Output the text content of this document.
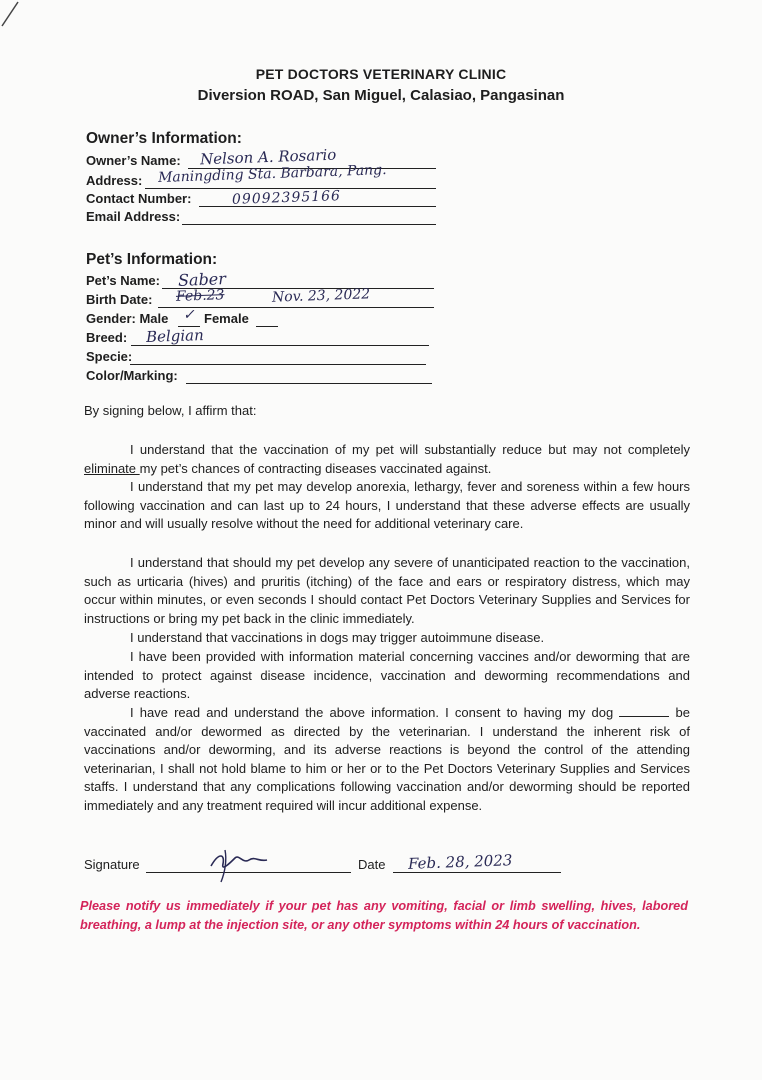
PET DOCTORS VETERINARY CLINIC
Diversion ROAD, San Miguel, Calasiao, Pangasinan
Owner’s Information:
Owner’s Name: Nelson A. Rosario
Address: Maningding Sta. Barbara, Pang.
Contact Number:	09092395166
Email Address:
Pet’s Information:
Pet’s Name: Saber
Birth Date: Feb.23	Nov. 23, 2022
Gender: Male ✓ Female
Breed: Belgian
Specie:
Color/Marking:
By signing below, I affirm that:
I understand that the vaccination of my pet will substantially reduce but may not completely eliminate my pet’s chances of contracting diseases vaccinated against.
I understand that my pet may develop anorexia, lethargy, fever and soreness within a few hours following vaccination and can last up to 24 hours, I understand that these adverse effects are usually minor and will usually resolve without the need for additional veterinary care.
I understand that should my pet develop any severe of unanticipated reaction to the vaccination, such as urticaria (hives) and pruritis (itching) of the face and ears or respiratory distress, which may occur within minutes, or even seconds I should contact Pet Doctors Veterinary Supplies and Services for instructions or bring my pet back in the clinic immediately.
I understand that vaccinations in dogs may trigger autoimmune disease.
I have been provided with information material concerning vaccines and/or deworming that are intended to protect against disease incidence, vaccination and deworming recommendations and adverse reactions.
I have read and understand the above information. I consent to having my dog	be vaccinated and/or dewormed as directed by the veterinarian. I understand the inherent risk of vaccinations and/or deworming, and its adverse reactions is beyond the control of the attending veterinarian, I shall not hold blame to him or her or to the Pet Doctors Veterinary Supplies and Services staffs. I understand that any complications following vaccination and/or deworming should be reported immediately and any treatment required will incur additional expense.
Signature	Date Feb. 28, 2023
Please notify us immediately if your pet has any vomiting, facial or limb swelling, hives, labored breathing, a lump at the injection site, or any other symptoms within 24 hours of vaccination.
